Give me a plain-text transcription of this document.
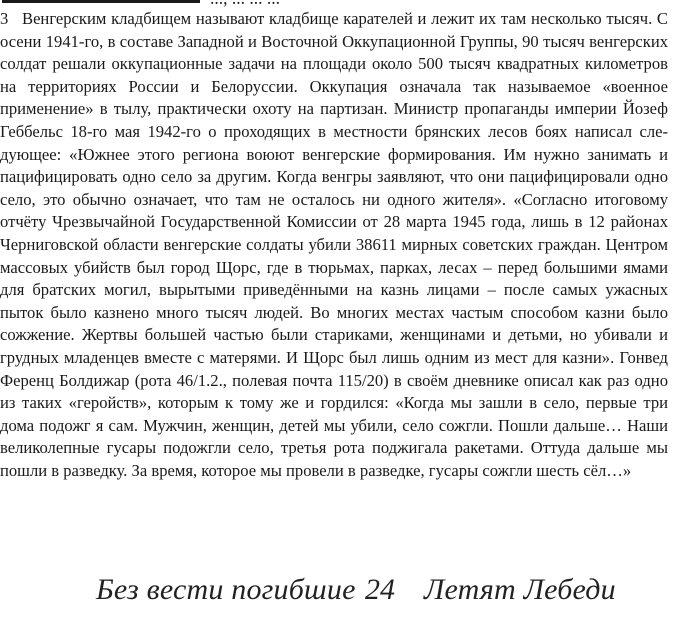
3 Венгерским кладбищем называют кладбище карателей и лежит их там несколько тысяч. С осени 1941-го, в составе Западной и Восточной Оккупационной Группы, 90 тысяч венгерских солдат решали оккупационные задачи на площади около 500 тысяч квадратных километров на территориях России и Белоруссии. Оккупация означала так называемое «военное применение» в тылу, практически охоту на партизан. Министр пропаганды империи Йозеф Геббельс 18-го мая 1942-го о проходящих в местности брянских лесов боях написал следующее: «Южнее этого региона воюют венгерские формирования. Им нужно занимать и пацифицировать одно село за другим. Когда венгры заявляют, что они пацифицировали одно село, это обычно означает, что там не осталось ни одного жителя». «Согласно итоговому отчёту Чрезвычайной Государственной Комиссии от 28 марта 1945 года, лишь в 12 районах Черниговской области венгерские солдаты убили 38611 мирных советских граждан. Центром массовых убийств был город Щорс, где в тюрьмах, парках, лесах – перед большими ямами для братских могил, вырытыми приведёнными на казнь лицами – после самых ужасных пыток было казнено много тысяч людей. Во многих местах частым способом казни было сожжение. Жертвы большей частью были стариками, женщинами и детьми, но убивали и грудных младенцев вместе с матерями. И Щорс был лишь одним из мест для казни». Гонвед Ференц Болдижар (рота 46/1.2., полевая почта 115/20) в своём дневнике описал как раз одно из таких «геройств», которым к тому же и гордился: «Когда мы зашли в село, первые три дома подожг я сам. Мужчин, женщин, детей мы убили, село сожгли. Пошли дальше… Наши великолепные гусары подожгли село, третья рота поджигала ракетами. Оттуда дальше мы пошли в разведку. За время, которое мы провели в разведке, гусары сожгли шесть сёл…»

Без вести погибшие 24 Летят Лебеди
